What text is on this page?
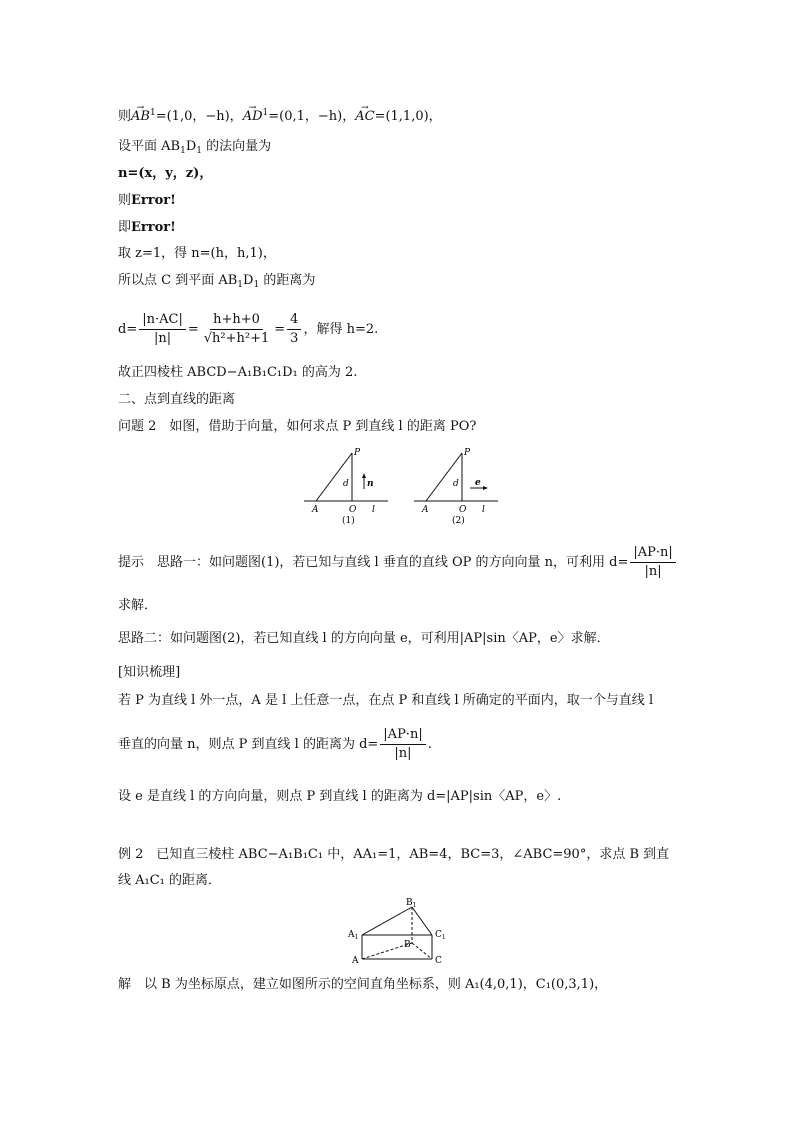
则→ $AB^1=(1,0$，−h)，→ $AD^1=(0,1$，−h)，→ AC=(1,1,0)，
设平面 $AB_1D_1$ 的法向量为
n=(x，y，z)，
则Error!
即Error!
取 z=1，得 n=(h，h,1)，
所以点 C 到平面 $AB_1D_1$ 的距离为
$d= \frac{|n\cdot AC|}{|n|} = \frac{h+h+0}{\text{√h²+h²+1}} = \frac{4}{3}$ ，解得 h=2.
故正四棱柱 ABCD−A₁B₁C₁D₁ 的高为 2.
二、点到直线的距离
问题 2　如图，借助于向量，如何求点 P 到直线 l 的距离 PO?
P
d n
A	O l
(1)
P
d e
A	O l
(2)
提示　思路一：如问题图(1)，若已知与直线 l 垂直的直线 OP 的方向向量 n，可利用 $d= \frac{|AP\cdot n|}{|n|}$
求解．
思路二：如问题图(2)，若已知直线 l 的方向向量 e，可利用|AP|sin〈AP，e〉求解．
[知识梳理]
若 P 为直线 l 外一点，A 是 l 上任意一点，在点 P 和直线 l 所确定的平面内，取一个与直线 l
垂直的向量 n，则点 P 到直线 l 的距离为 $d= \frac{|AP\cdot n|}{|n|}$ .
设 e 是直线 l 的方向向量，则点 P 到直线 l 的距离为 d=|AP|sin〈AP，e〉.
例 2　已知直三棱柱 ABC−A₁B₁C₁ 中，AA₁=1，AB=4，BC=3，∠ABC=90°，求点 B 到直
线 A₁C₁ 的距离．
$B_1$
$A_1$	$C_1$
A
B
C
解　以 B 为坐标原点，建立如图所示的空间直角坐标系，则 A₁(4,0,1)，C₁(0,3,1)，
